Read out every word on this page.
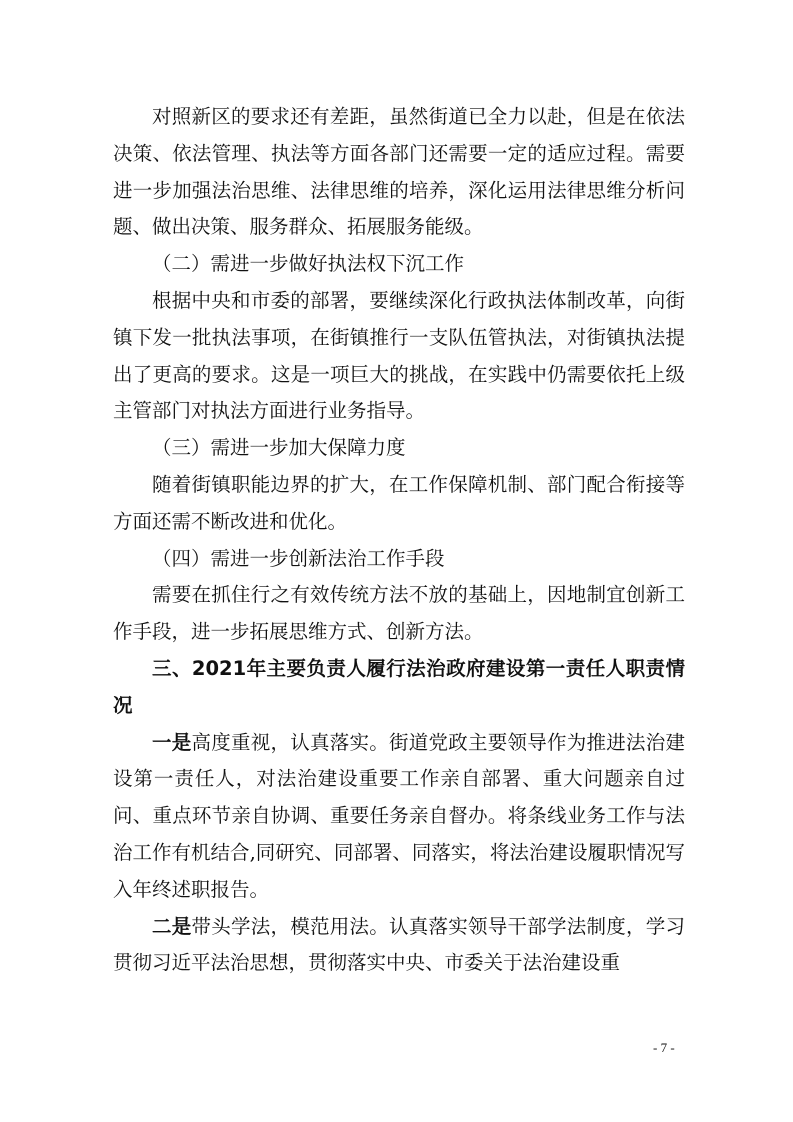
对照新区的要求还有差距，虽然街道已全力以赴，但是在依法决策、依法管理、执法等方面各部门还需要一定的适应过程。需要进一步加强法治思维、法律思维的培养，深化运用法律思维分析问题、做出决策、服务群众、拓展服务能级。

（二）需进一步做好执法权下沉工作

根据中央和市委的部署，要继续深化行政执法体制改革，向街镇下发一批执法事项，在街镇推行一支队伍管执法，对街镇执法提出了更高的要求。这是一项巨大的挑战，在实践中仍需要依托上级主管部门对执法方面进行业务指导。

（三）需进一步加大保障力度

随着街镇职能边界的扩大，在工作保障机制、部门配合衔接等方面还需不断改进和优化。

（四）需进一步创新法治工作手段

需要在抓住行之有效传统方法不放的基础上，因地制宜创新工作手段，进一步拓展思维方式、创新方法。

三、2021年主要负责人履行法治政府建设第一责任人职责情况

一是高度重视，认真落实。街道党政主要领导作为推进法治建设第一责任人，对法治建设重要工作亲自部署、重大问题亲自过问、重点环节亲自协调、重要任务亲自督办。将条线业务工作与法治工作有机结合,同研究、同部署、同落实，将法治建设履职情况写入年终述职报告。

二是带头学法，模范用法。认真落实领导干部学法制度，学习贯彻习近平法治思想，贯彻落实中央、市委关于法治建设重

- 7 -
